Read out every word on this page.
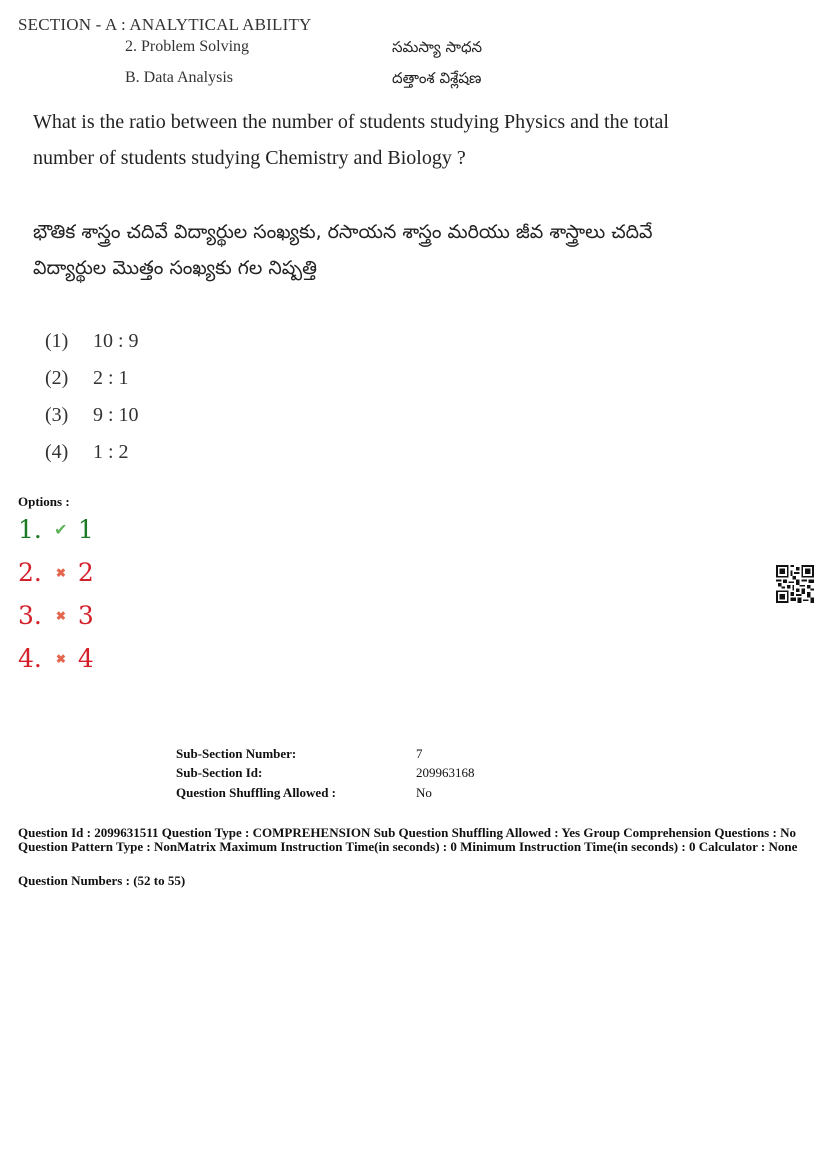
SECTION - A : ANALYTICAL ABILITY
2. Problem Solving	సమస్యా సాధన
B. Data Analysis	దత్తాంశ విశ్లేషణ
What is the ratio between the number of students studying Physics and the total
number of students studying Chemistry and Biology ?
భౌతిక శాస్త్రం చదివే విద్యార్థుల సంఖ్యకు, రసాయన శాస్త్రం మరియు జీవ శాస్త్రాలు చదివే
విద్యార్థుల మొత్తం సంఖ్యకు గల నిష్పత్తి
(1) 10 : 9
(2) 2 : 1
(3) 9 : 10
(4) 1 : 2
Options :
1. ✔ 1
2.	✖ 2
3.	✖ 3
4.	✖ 4
Sub-Section Number:	7
Sub-Section Id:	209963168
Question Shuffling Allowed :	No
Question Id : 2099631511 Question Type : COMPREHENSION Sub Question Shuffling Allowed : Yes Group Comprehension Questions : No Question Pattern Type : NonMatrix Maximum Instruction Time(in seconds) : 0 Minimum Instruction Time(in seconds) : 0 Calculator : None
Question Numbers : (52 to 55)
